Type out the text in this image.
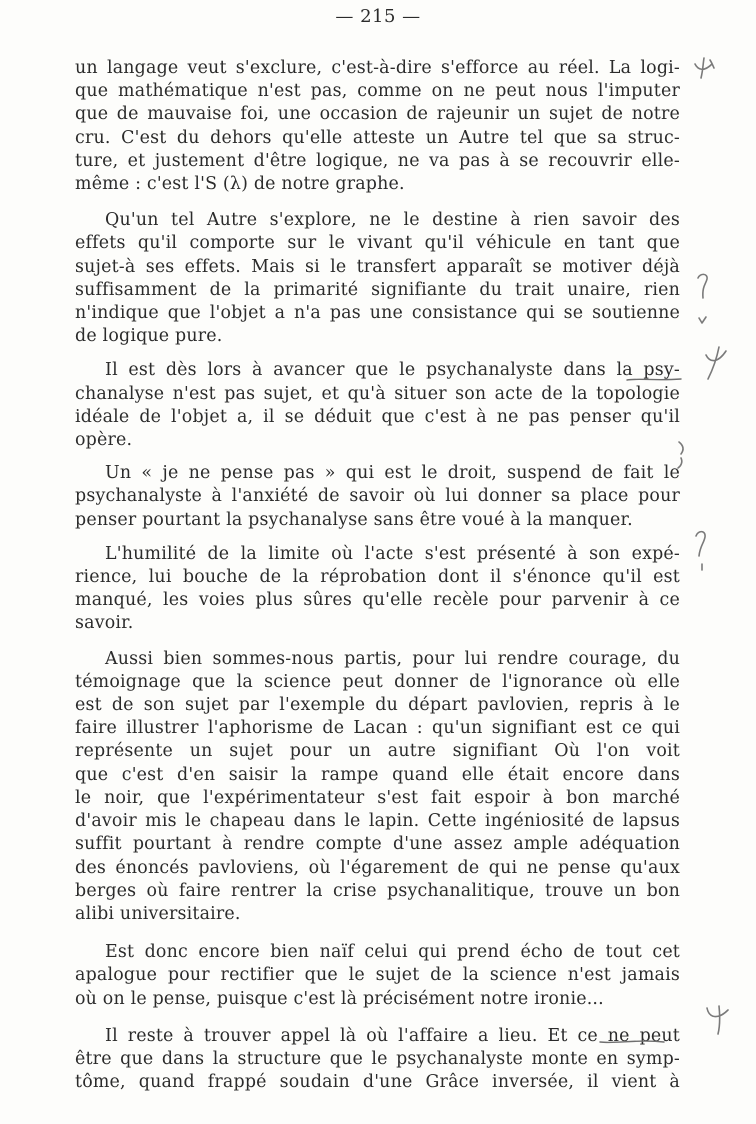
— 215 —

un langage veut s'exclure, c'est-à-dire s'efforce au réel. La logi-
que mathématique n'est pas, comme on ne peut nous l'imputer
que de mauvaise foi, une occasion de rajeunir un sujet de notre
cru. C'est du dehors qu'elle atteste un Autre tel que sa struc-
ture, et justement d'être logique, ne va pas à se recouvrir elle-
même : c'est l'S (λ) de notre graphe.

Qu'un tel Autre s'explore, ne le destine à rien savoir des
effets qu'il comporte sur le vivant qu'il véhicule en tant que
sujet-à ses effets. Mais si le transfert apparaît se motiver déjà
suffisamment de la primarité signifiante du trait unaire, rien
n'indique que l'objet a n'a pas une consistance qui se soutienne
de logique pure.

Il est dès lors à avancer que le psychanalyste dans la psy-
chanalyse n'est pas sujet, et qu'à situer son acte de la topologie
idéale de l'objet a, il se déduit que c'est à ne pas penser qu'il
opère.

Un « je ne pense pas » qui est le droit, suspend de fait le
psychanalyste à l'anxiété de savoir où lui donner sa place pour
penser pourtant la psychanalyse sans être voué à la manquer.

L'humilité de la limite où l'acte s'est présenté à son expé-
rience, lui bouche de la réprobation dont il s'énonce qu'il est
manqué, les voies plus sûres qu'elle recèle pour parvenir à ce
savoir.

Aussi bien sommes-nous partis, pour lui rendre courage, du
témoignage que la science peut donner de l'ignorance où elle
est de son sujet par l'exemple du départ pavlovien, repris à le
faire illustrer l'aphorisme de Lacan : qu'un signifiant est ce qui
représente un sujet pour un autre signifiant Où l'on voit
que c'est d'en saisir la rampe quand elle était encore dans
le noir, que l'expérimentateur s'est fait espoir à bon marché
d'avoir mis le chapeau dans le lapin. Cette ingéniosité de lapsus
suffit pourtant à rendre compte d'une assez ample adéquation
des énoncés pavloviens, où l'égarement de qui ne pense qu'aux
berges où faire rentrer la crise psychanalitique, trouve un bon
alibi universitaire.

Est donc encore bien naïf celui qui prend écho de tout cet
apalogue pour rectifier que le sujet de la science n'est jamais
où on le pense, puisque c'est là précisément notre ironie...

Il reste à trouver appel là où l'affaire a lieu. Et ce ne peut
être que dans la structure que le psychanalyste monte en symp-
tôme, quand frappé soudain d'une Grâce inversée, il vient à
